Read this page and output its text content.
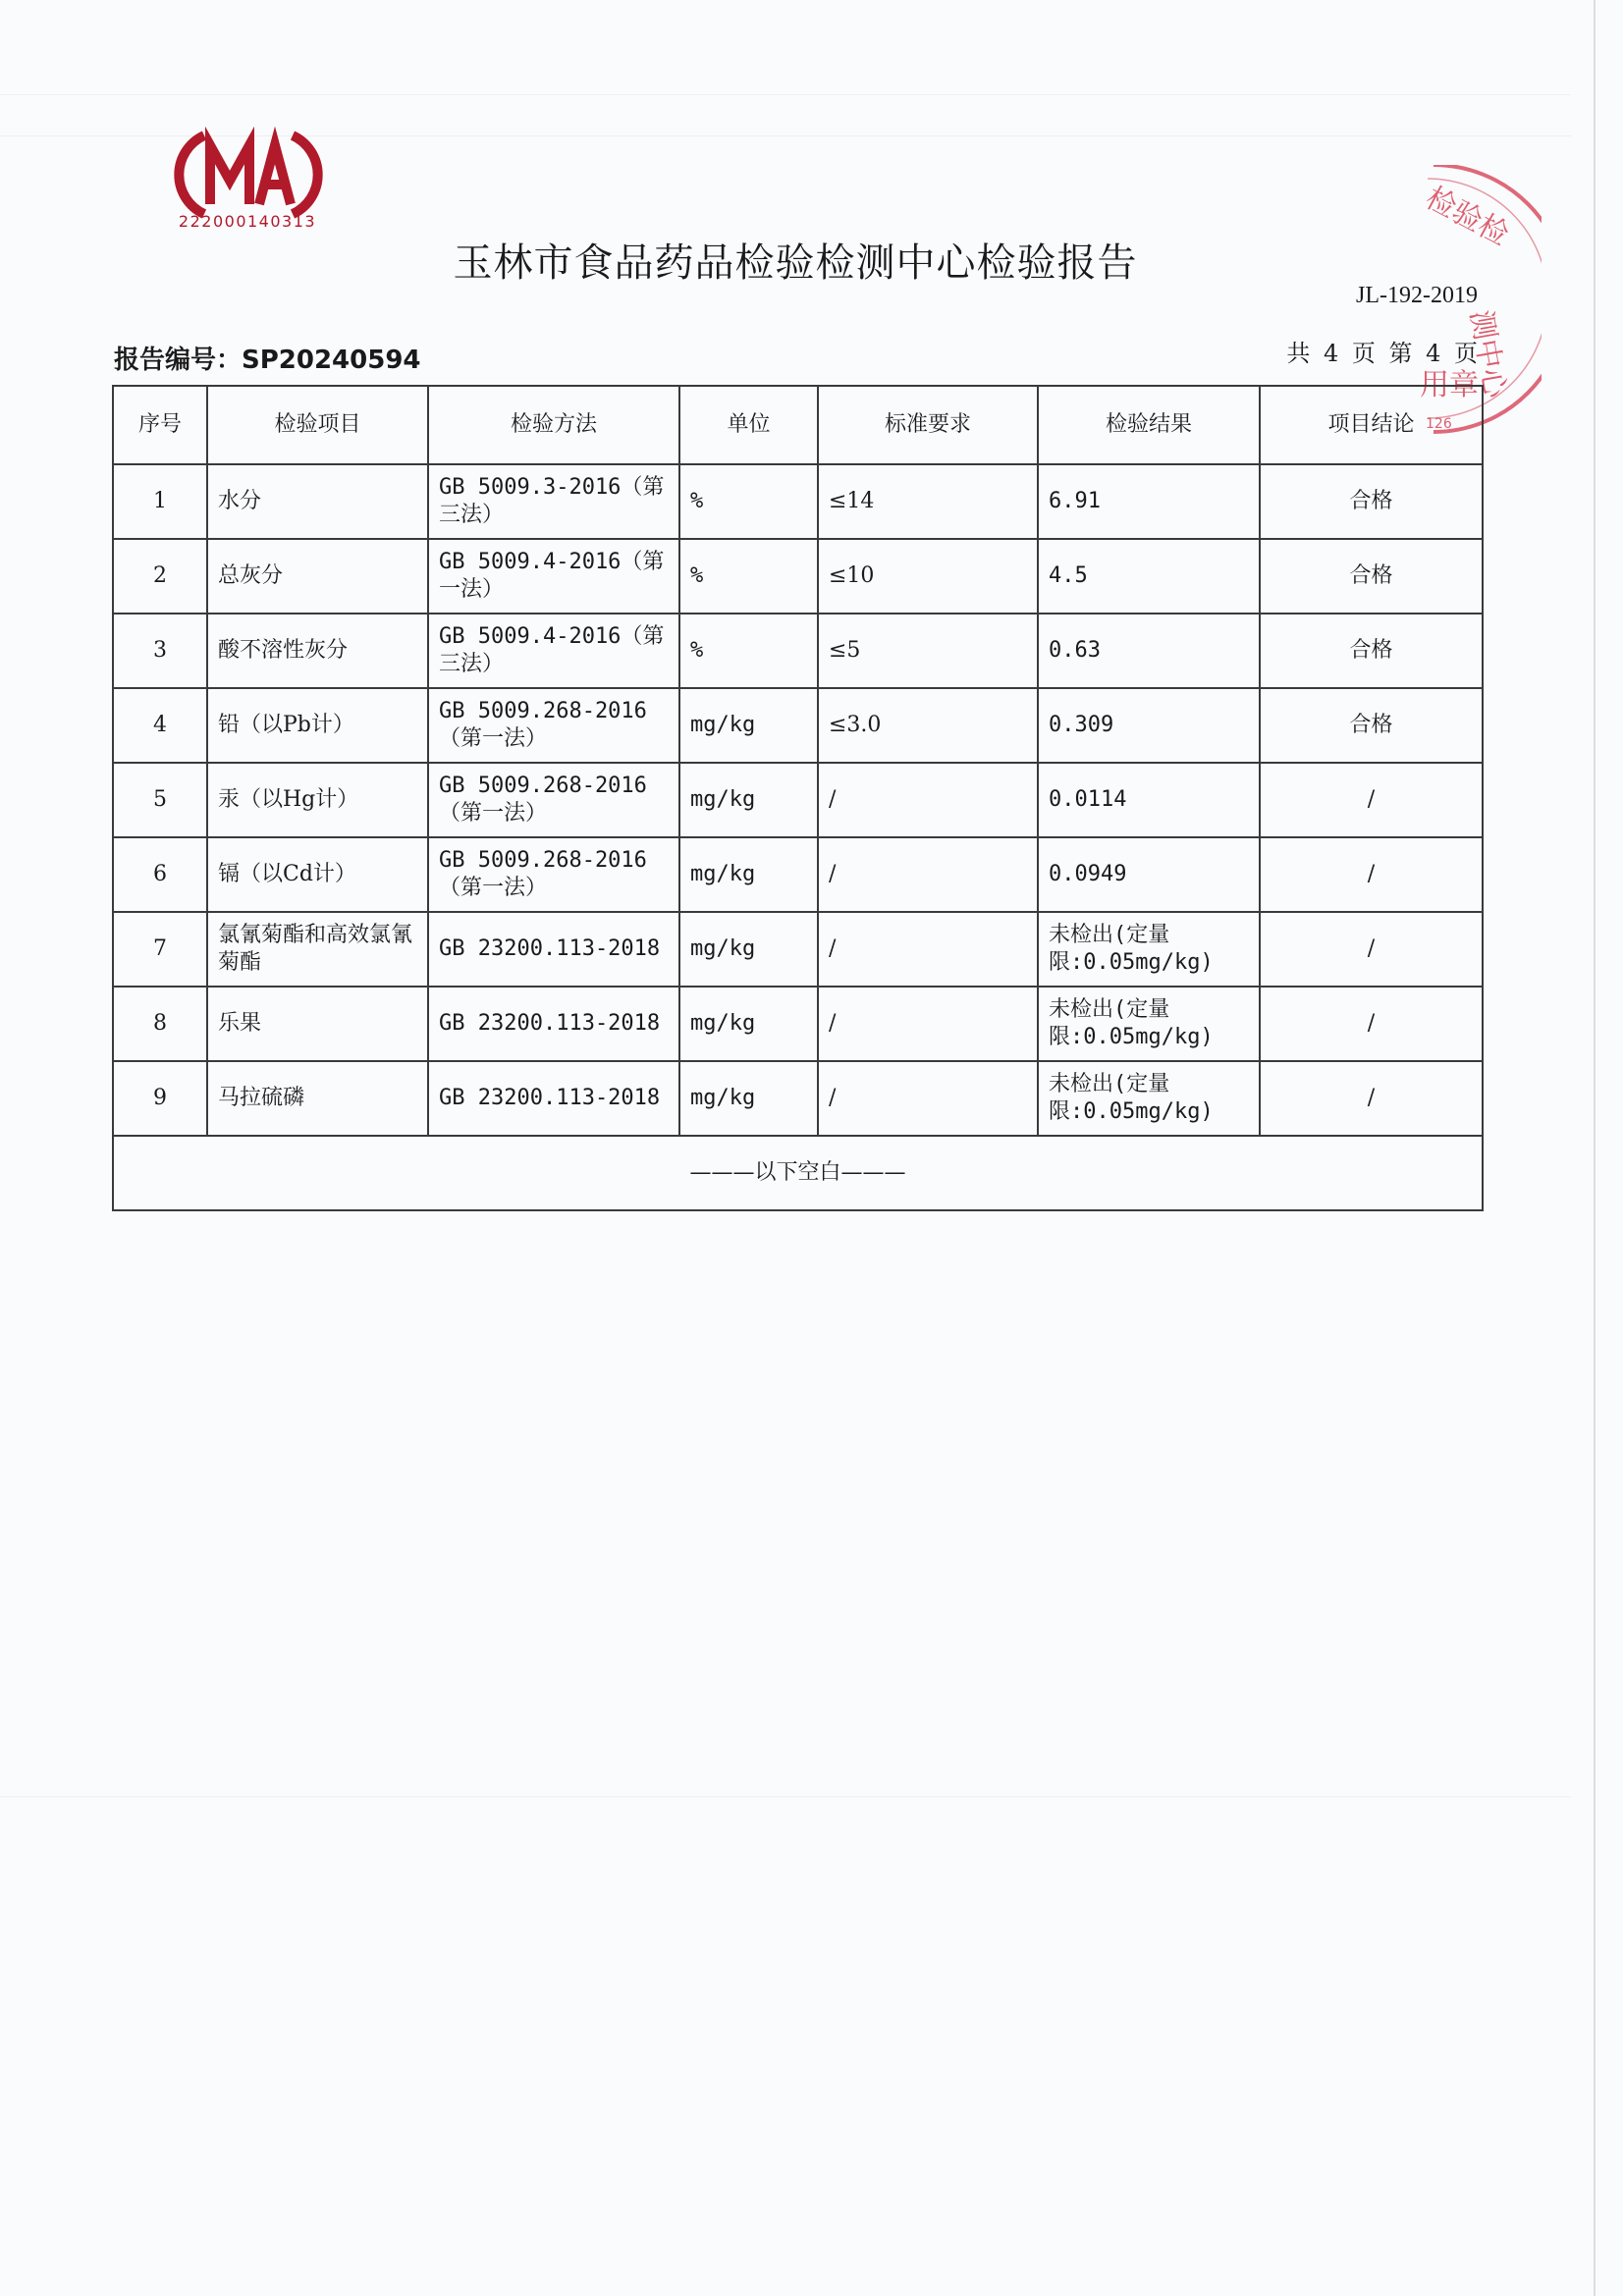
222000140313
玉林市食品药品检验检测中心检验报告
JL-192-2019
报告编号：SP20240594	共 4 页 第 4 页
检验检
测中心
用章
126
序号	检验项目	检验方法	单位	标准要求	检验结果	项目结论
1	水分	GB 5009.3-2016（第三法）	%	≤14	6.91	合格
2	总灰分	GB 5009.4-2016（第一法）	%	≤10	4.5	合格
3	酸不溶性灰分	GB 5009.4-2016（第三法）	%	≤5	0.63	合格
4	铅（以Pb计）	GB 5009.268-2016（第一法）	mg/kg	≤3.0	0.309	合格
5	汞（以Hg计）	GB 5009.268-2016（第一法）	mg/kg	/	0.0114	/
6	镉（以Cd计）	GB 5009.268-2016（第一法）	mg/kg	/	0.0949	/
7	氯氰菊酯和高效氯氰菊酯	GB 23200.113-2018	mg/kg	/	未检出(定量限:0.05mg/kg)	/
8	乐果	GB 23200.113-2018	mg/kg	/	未检出(定量限:0.05mg/kg)	/
9	马拉硫磷	GB 23200.113-2018	mg/kg	/	未检出(定量限:0.05mg/kg)	/
———以下空白———						
